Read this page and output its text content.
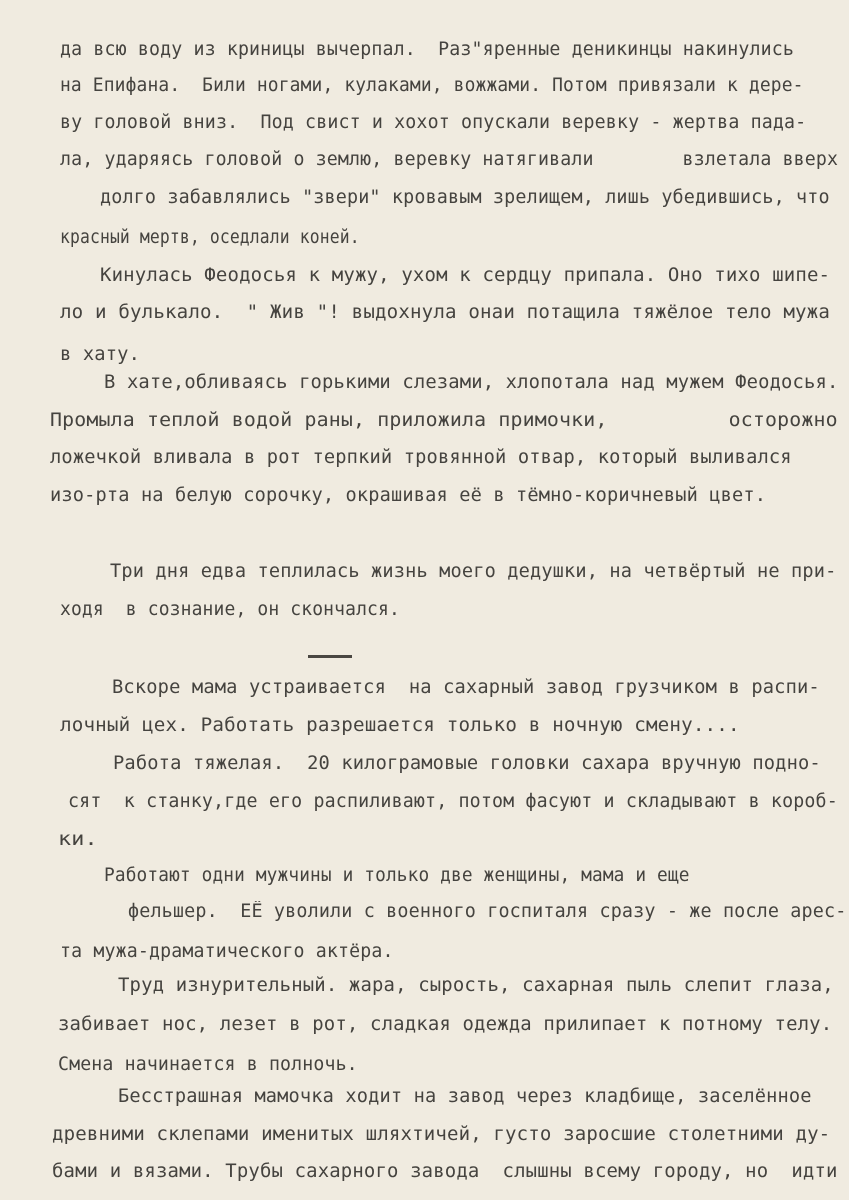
да всю воду из криницы вычерпал.  Раз"яренные деникинцы накинулись
на Епифана.  Били ногами, кулаками, вожжами. Потом привязали к дере-
ву головой вниз.  Под свист и хохот опускали веревку - жертва пада-
ла, ударяясь головой о землю, веревку натягивали        взлетала вверх
долго забавлялись "звери" кровавым зрелищем, лишь убедившись, что
красный мертв, оседлали коней.
Кинулась Феодосья к мужу, ухом к сердцу припала. Оно тихо шипе-
ло и булькало.  " Жив "! выдохнула онаи потащила тяжёлое тело мужа
в хату.
В хате,обливаясь горькими слезами, хлопотала над мужем Феодосья.
Промыла теплой водой раны, приложила примочки,          осторожно
ложечкой вливала в рот терпкий тровянной отвар, который выливался
изо-рта на белую сорочку, окрашивая её в тёмно-коричневый цвет.
Три дня едва теплилась жизнь моего дедушки, на четвёртый не при-
ходя  в сознание, он скончался.
Вскоре мама устраивается  на сахарный завод грузчиком в распи-
лочный цех. Работать разрешается только в ночную смену....
Работа тяжелая.  20 килограмовые головки сахара вручную подно-
сят  к станку,где его распиливают, потом фасуют и складывают в короб-
ки.
Работают одни мужчины и только две женщины, мама и еще
фельшер.  ЕЁ уволили с военного госпиталя сразу - же после арес-
та мужа-драматического актёра.
Труд изнурительный. жара, сырость, сахарная пыль слепит глаза,
забивает нос, лезет в рот, сладкая одежда прилипает к потному телу.
Смена начинается в полночь.
Бесстрашная мамочка ходит на завод через кладбище, заселённое
древними склепами именитых шляхтичей, густо заросшие столетними ду-
бами и вязами. Трубы сахарного завода  слышны всему городу, но  идти
